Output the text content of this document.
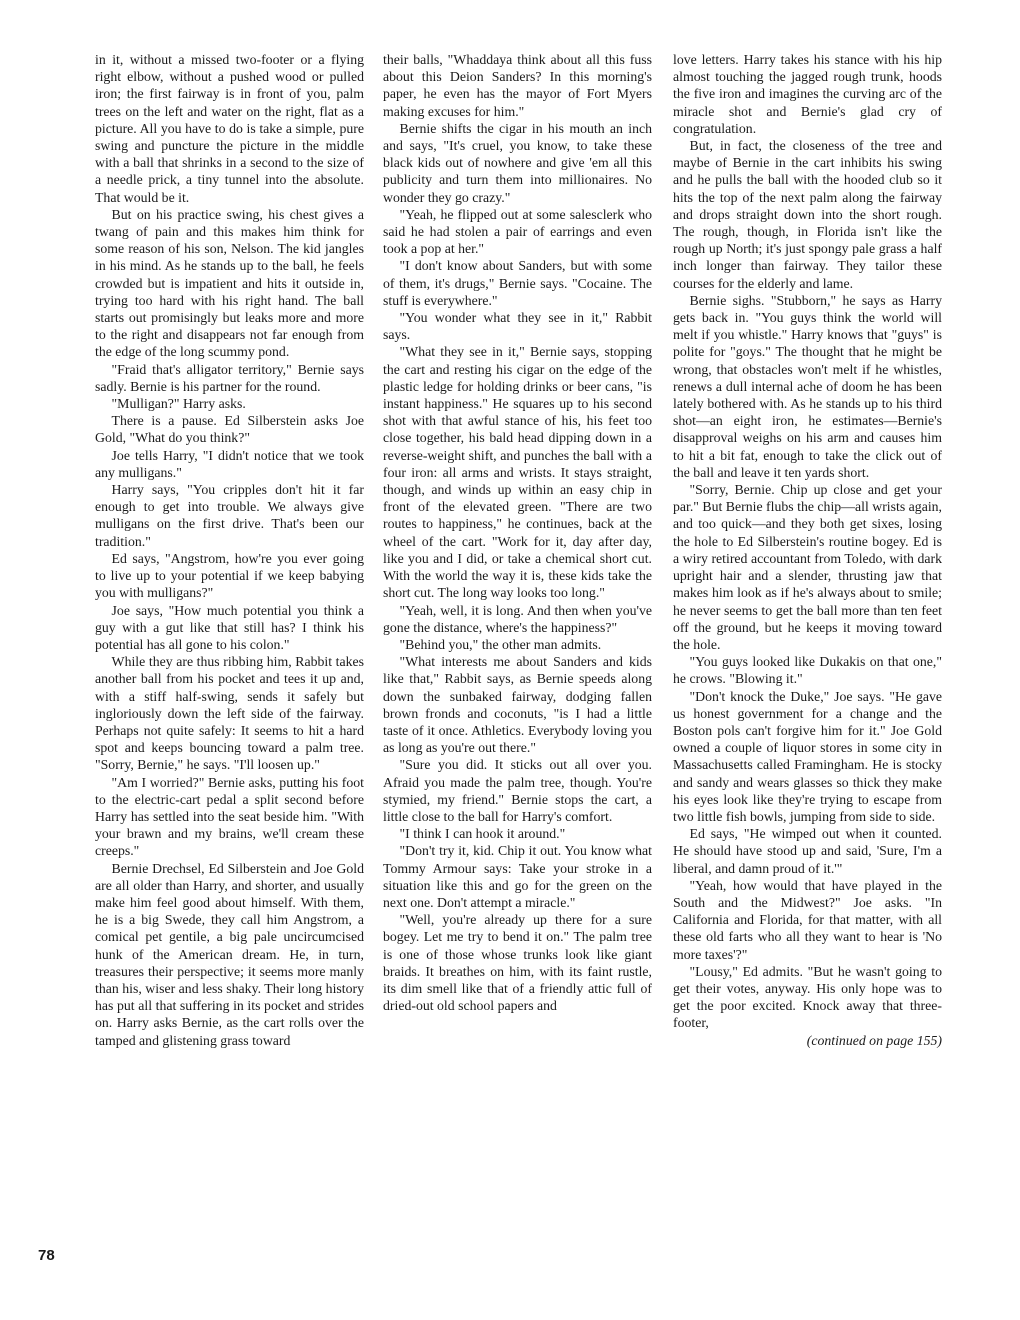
in it, without a missed two-footer or a flying right elbow, without a pushed wood or pulled iron; the first fairway is in front of you, palm trees on the left and water on the right, flat as a picture. All you have to do is take a simple, pure swing and puncture the picture in the middle with a ball that shrinks in a second to the size of a needle prick, a tiny tunnel into the absolute. That would be it.

But on his practice swing, his chest gives a twang of pain and this makes him think for some reason of his son, Nelson. The kid jangles in his mind. As he stands up to the ball, he feels crowded but is impatient and hits it outside in, trying too hard with his right hand. The ball starts out promisingly but leaks more and more to the right and disappears not far enough from the edge of the long scummy pond.

"Fraid that's alligator territory," Bernie says sadly. Bernie is his partner for the round.

"Mulligan?" Harry asks.

There is a pause. Ed Silberstein asks Joe Gold, "What do you think?"

Joe tells Harry, "I didn't notice that we took any mulligans."

Harry says, "You cripples don't hit it far enough to get into trouble. We always give mulligans on the first drive. That's been our tradition."

Ed says, "Angstrom, how're you ever going to live up to your potential if we keep babying you with mulligans?"

Joe says, "How much potential you think a guy with a gut like that still has? I think his potential has all gone to his colon."

While they are thus ribbing him, Rabbit takes another ball from his pocket and tees it up and, with a stiff half-swing, sends it safely but ingloriously down the left side of the fairway. Perhaps not quite safely: It seems to hit a hard spot and keeps bouncing toward a palm tree. "Sorry, Bernie," he says. "I'll loosen up."

"Am I worried?" Bernie asks, putting his foot to the electric-cart pedal a split second before Harry has settled into the seat beside him. "With your brawn and my brains, we'll cream these creeps."

Bernie Drechsel, Ed Silberstein and Joe Gold are all older than Harry, and shorter, and usually make him feel good about himself. With them, he is a big Swede, they call him Angstrom, a comical pet gentile, a big pale uncircumcised hunk of the American dream. He, in turn, treasures their perspective; it seems more manly than his, wiser and less shaky. Their long history has put all that suffering in its pocket and strides on. Harry asks Bernie, as the cart rolls over the tamped and glistening grass toward

their balls, "Whaddaya think about all this fuss about this Deion Sanders? In this morning's paper, he even has the mayor of Fort Myers making excuses for him."

Bernie shifts the cigar in his mouth an inch and says, "It's cruel, you know, to take these black kids out of nowhere and give 'em all this publicity and turn them into millionaires. No wonder they go crazy."

"Yeah, he flipped out at some salesclerk who said he had stolen a pair of earrings and even took a pop at her."

"I don't know about Sanders, but with some of them, it's drugs," Bernie says. "Cocaine. The stuff is everywhere."

"You wonder what they see in it," Rabbit says.

"What they see in it," Bernie says, stopping the cart and resting his cigar on the edge of the plastic ledge for holding drinks or beer cans, "is instant happiness." He squares up to his second shot with that awful stance of his, his feet too close together, his bald head dipping down in a reverse-weight shift, and punches the ball with a four iron: all arms and wrists. It stays straight, though, and winds up within an easy chip in front of the elevated green. "There are two routes to happiness," he continues, back at the wheel of the cart. "Work for it, day after day, like you and I did, or take a chemical short cut. With the world the way it is, these kids take the short cut. The long way looks too long."

"Yeah, well, it is long. And then when you've gone the distance, where's the happiness?"

"Behind you," the other man admits.

"What interests me about Sanders and kids like that," Rabbit says, as Bernie speeds along down the sunbaked fairway, dodging fallen brown fronds and coconuts, "is I had a little taste of it once. Athletics. Everybody loving you as long as you're out there."

"Sure you did. It sticks out all over you. Afraid you made the palm tree, though. You're stymied, my friend." Bernie stops the cart, a little close to the ball for Harry's comfort.

"I think I can hook it around."

"Don't try it, kid. Chip it out. You know what Tommy Armour says: Take your stroke in a situation like this and go for the green on the next one. Don't attempt a miracle."

"Well, you're already up there for a sure bogey. Let me try to bend it on." The palm tree is one of those whose trunks look like giant braids. It breathes on him, with its faint rustle, its dim smell like that of a friendly attic full of dried-out old school papers and

love letters. Harry takes his stance with his hip almost touching the jagged rough trunk, hoods the five iron and imagines the curving arc of the miracle shot and Bernie's glad cry of congratulation.

But, in fact, the closeness of the tree and maybe of Bernie in the cart inhibits his swing and he pulls the ball with the hooded club so it hits the top of the next palm along the fairway and drops straight down into the short rough. The rough, though, in Florida isn't like the rough up North; it's just spongy pale grass a half inch longer than fairway. They tailor these courses for the elderly and lame.

Bernie sighs. "Stubborn," he says as Harry gets back in. "You guys think the world will melt if you whistle." Harry knows that "guys" is polite for "goys." The thought that he might be wrong, that obstacles won't melt if he whistles, renews a dull internal ache of doom he has been lately bothered with. As he stands up to his third shot—an eight iron, he estimates—Bernie's disapproval weighs on his arm and causes him to hit a bit fat, enough to take the click out of the ball and leave it ten yards short.

"Sorry, Bernie. Chip up close and get your par." But Bernie flubs the chip—all wrists again, and too quick—and they both get sixes, losing the hole to Ed Silberstein's routine bogey. Ed is a wiry retired accountant from Toledo, with dark upright hair and a slender, thrusting jaw that makes him look as if he's always about to smile; he never seems to get the ball more than ten feet off the ground, but he keeps it moving toward the hole.

"You guys looked like Dukakis on that one," he crows. "Blowing it."

"Don't knock the Duke," Joe says. "He gave us honest government for a change and the Boston pols can't forgive him for it." Joe Gold owned a couple of liquor stores in some city in Massachusetts called Framingham. He is stocky and sandy and wears glasses so thick they make his eyes look like they're trying to escape from two little fish bowls, jumping from side to side.

Ed says, "He wimped out when it counted. He should have stood up and said, 'Sure, I'm a liberal, and damn proud of it.'"

"Yeah, how would that have played in the South and the Midwest?" Joe asks. "In California and Florida, for that matter, with all these old farts who all they want to hear is 'No more taxes'?"

"Lousy," Ed admits. "But he wasn't going to get their votes, anyway. His only hope was to get the poor excited. Knock away that three-footer,

(continued on page 155)

78
